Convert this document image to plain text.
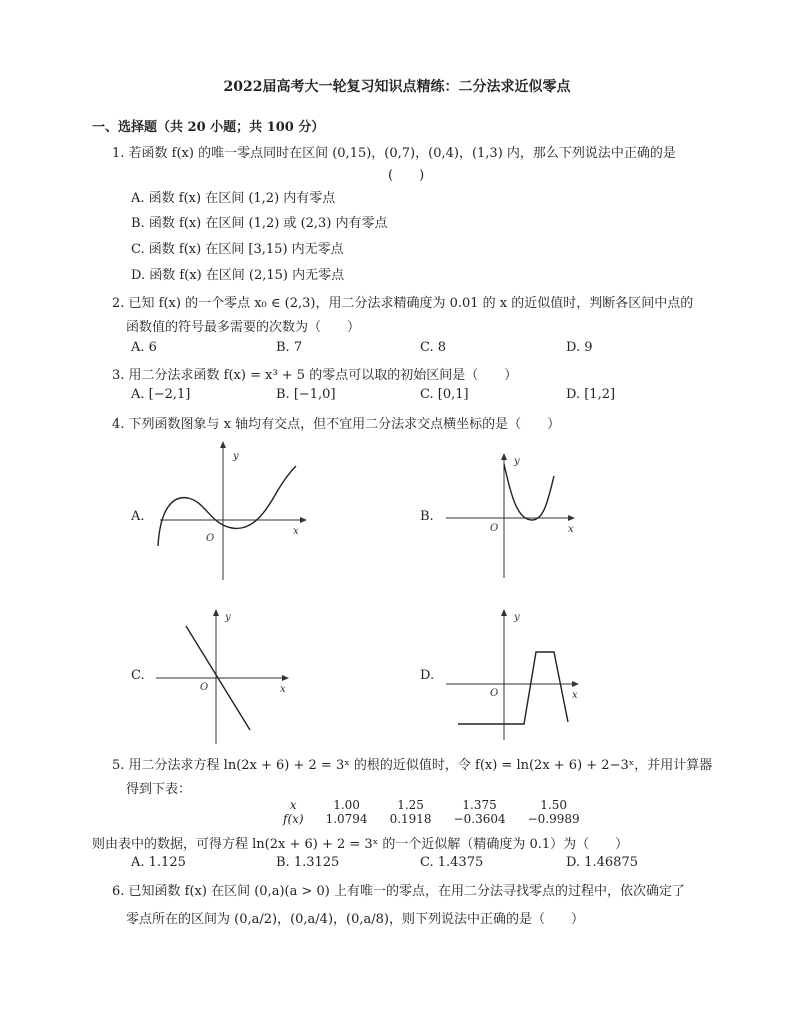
2022届高考大一轮复习知识点精练：二分法求近似零点
一、选择题（共 20 小题；共 100 分）
1. 若函数 f(x) 的唯一零点同时在区间 (0,15)，(0,7)，(0,4)，(1,3) 内，那么下列说法中正确的是
(　　)
A. 函数 f(x) 在区间 (1,2) 内有零点
B. 函数 f(x) 在区间 (1,2) 或 (2,3) 内有零点
C. 函数 f(x) 在区间 [3,15) 内无零点
D. 函数 f(x) 在区间 (2,15) 内无零点
2. 已知 f(x) 的一个零点 x₀ ∈ (2,3)，用二分法求精确度为 0.01 的 x 的近似值时，判断各区间中点的
函数值的符号最多需要的次数为（　　）
A. 6	B. 7	C. 8	D. 9
3. 用二分法求函数 f(x) = x³ + 5 的零点可以取的初始区间是（　　）
A. [−2,1]	B. [−1,0]	C. [0,1]	D. [1,2]
4. 下列函数图象与 x 轴均有交点，但不宜用二分法求交点横坐标的是（　　）
A.
y
x
O
B.
y
x
O
C.
y
x
O
D.
y
x
O
5. 用二分法求方程 ln(2x + 6) + 2 = 3ˣ 的根的近似值时，令 f(x) = ln(2x + 6) + 2−3ˣ，并用计算器
得到下表：
x	1.00	1.25	1.375	1.50
f(x)	1.0794	0.1918	−0.3604	−0.9989
则由表中的数据，可得方程 ln(2x + 6) + 2 = 3ˣ 的一个近似解（精确度为 0.1）为（　　）
A. 1.125	B. 1.3125	C. 1.4375	D. 1.46875
6. 已知函数 f(x) 在区间 (0,a)(a > 0) 上有唯一的零点，在用二分法寻找零点的过程中，依次确定了
零点所在的区间为 (0,a/2)，(0,a/4)，(0,a/8)，则下列说法中正确的是（　　）
